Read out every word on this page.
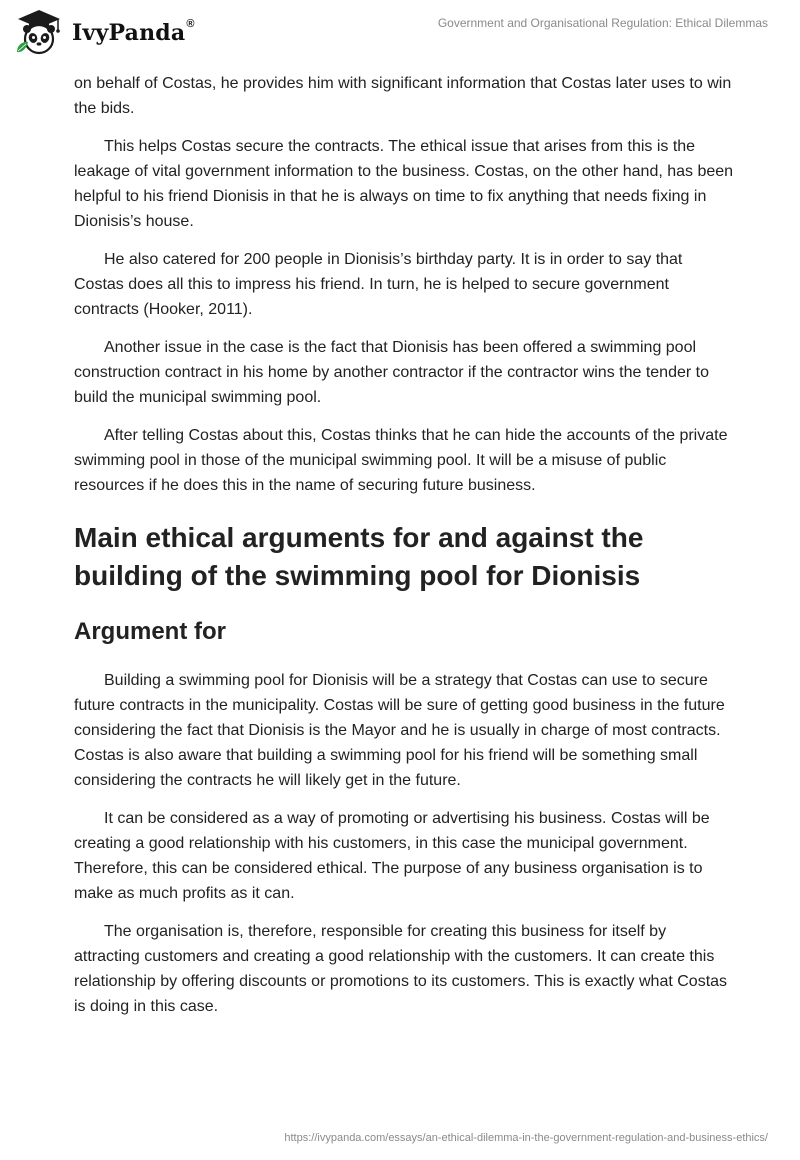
IvyPanda®	Government and Organisational Regulation: Ethical Dilemmas

on behalf of Costas, he provides him with significant information that Costas later uses to win the bids.

This helps Costas secure the contracts. The ethical issue that arises from this is the leakage of vital government information to the business. Costas, on the other hand, has been helpful to his friend Dionisis in that he is always on time to fix anything that needs fixing in Dionisis’s house.

He also catered for 200 people in Dionisis’s birthday party. It is in order to say that Costas does all this to impress his friend. In turn, he is helped to secure government contracts (Hooker, 2011).

Another issue in the case is the fact that Dionisis has been offered a swimming pool construction contract in his home by another contractor if the contractor wins the tender to build the municipal swimming pool.

After telling Costas about this, Costas thinks that he can hide the accounts of the private swimming pool in those of the municipal swimming pool. It will be a misuse of public resources if he does this in the name of securing future business.

Main ethical arguments for and against the building of the swimming pool for Dionisis
Argument for

Building a swimming pool for Dionisis will be a strategy that Costas can use to secure future contracts in the municipality. Costas will be sure of getting good business in the future considering the fact that Dionisis is the Mayor and he is usually in charge of most contracts. Costas is also aware that building a swimming pool for his friend will be something small considering the contracts he will likely get in the future.

It can be considered as a way of promoting or advertising his business. Costas will be creating a good relationship with his customers, in this case the municipal government. Therefore, this can be considered ethical. The purpose of any business organisation is to make as much profits as it can.

The organisation is, therefore, responsible for creating this business for itself by attracting customers and creating a good relationship with the customers. It can create this relationship by offering discounts or promotions to its customers. This is exactly what Costas is doing in this case.

https://ivypanda.com/essays/an-ethical-dilemma-in-the-government-regulation-and-business-ethics/
